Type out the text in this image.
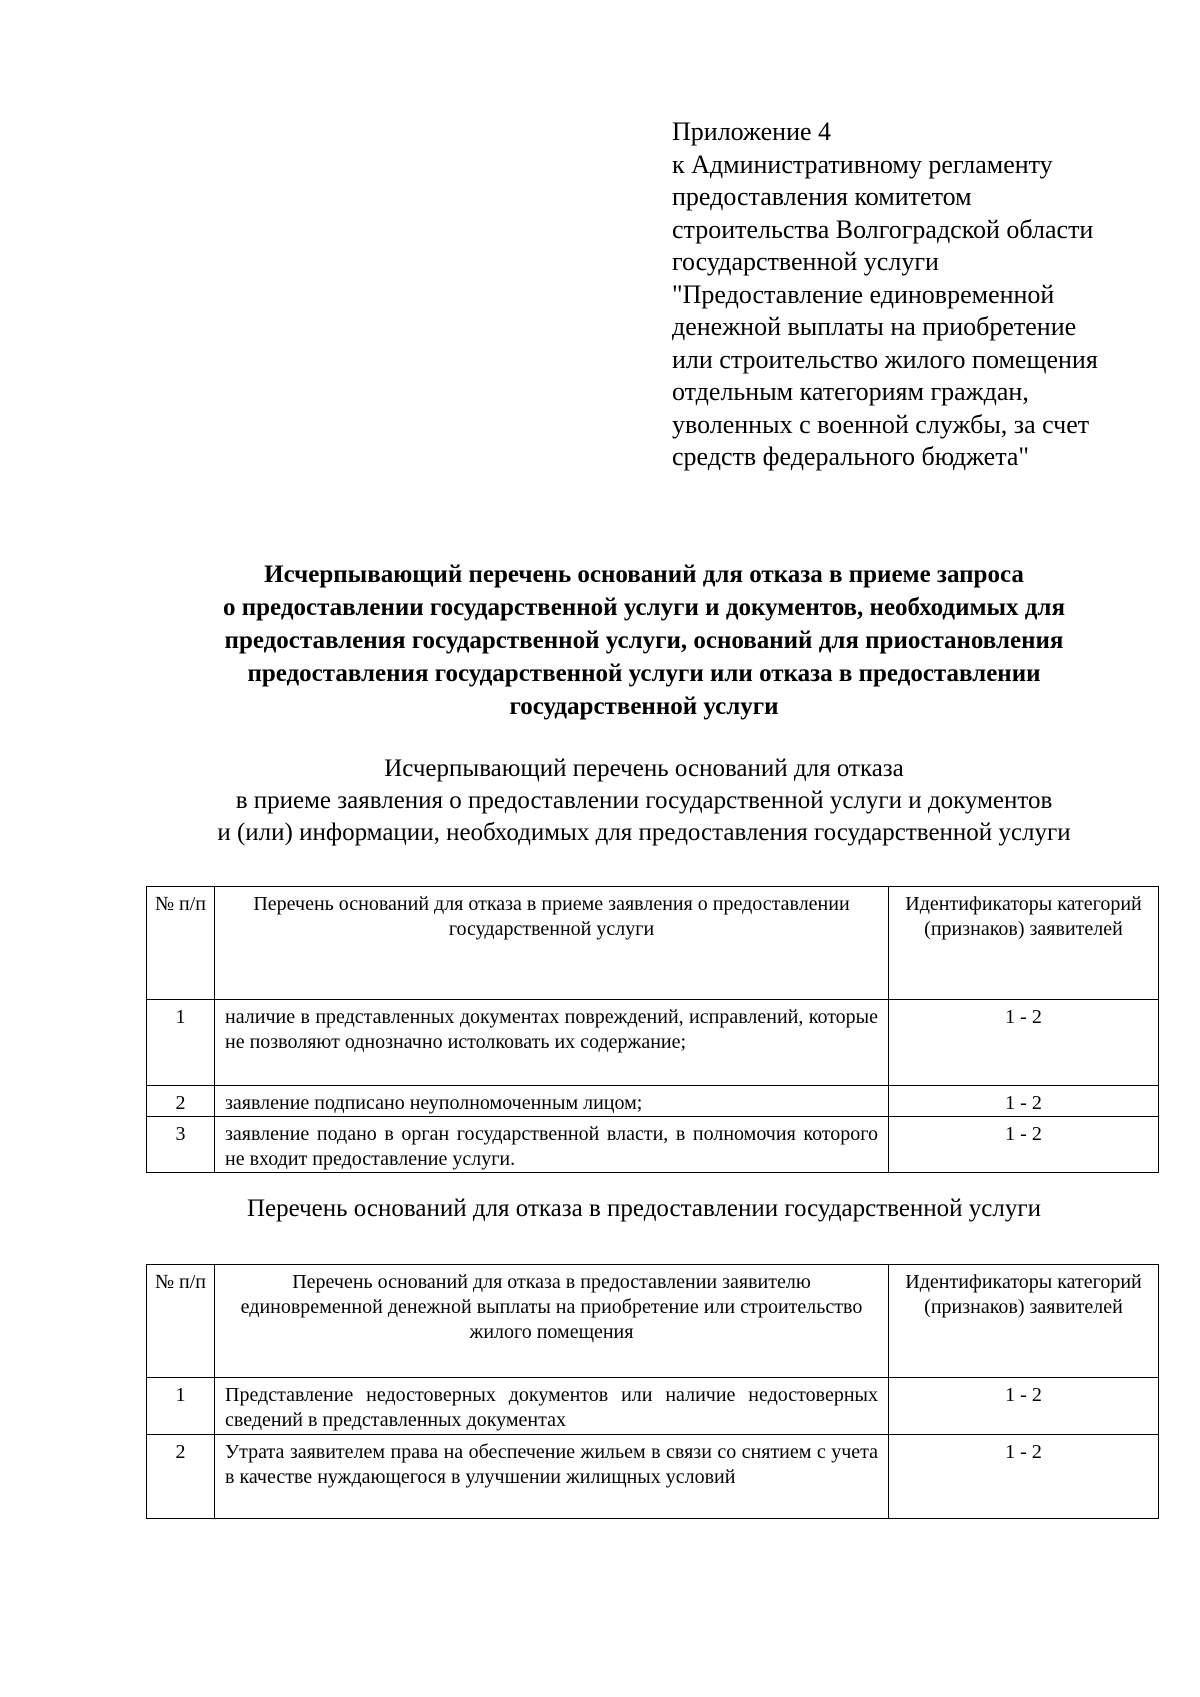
Приложение 4
к Административному регламенту
предоставления комитетом
строительства Волгоградской области
государственной услуги
"Предоставление единовременной
денежной выплаты на приобретение
или строительство жилого помещения
отдельным категориям граждан,
уволенных с военной службы, за счет
средств федерального бюджета"
Исчерпывающий перечень оснований для отказа в приеме запроса
о предоставлении государственной услуги и документов, необходимых для
предоставления государственной услуги, оснований для приостановления
предоставления государственной услуги или отказа в предоставлении
государственной услуги
Исчерпывающий перечень оснований для отказа
в приеме заявления о предоставлении государственной услуги и документов
и (или) информации, необходимых для предоставления государственной услуги
№ п/п	Перечень оснований для отказа в приеме заявления о предоставлении государственной услуги	Идентификаторы категорий (признаков) заявителей
1	наличие в представленных документах повреждений, исправлений, которые не позволяют однозначно истолковать их содержание;	1 - 2
2	заявление подписано неуполномоченным лицом;	1 - 2
3	заявление подано в орган государственной власти, в полномочия которого не входит предоставление услуги.	1 - 2
Перечень оснований для отказа в предоставлении государственной услуги
№ п/п	Перечень оснований для отказа в предоставлении заявителю единовременной денежной выплаты на приобретение или строительство жилого помещения	Идентификаторы категорий (признаков) заявителей
1	Представление недостоверных документов или наличие недостоверных сведений в представленных документах	1 - 2
2	Утрата заявителем права на обеспечение жильем в связи со снятием с учета в качестве нуждающегося в улучшении жилищных условий	1 - 2
